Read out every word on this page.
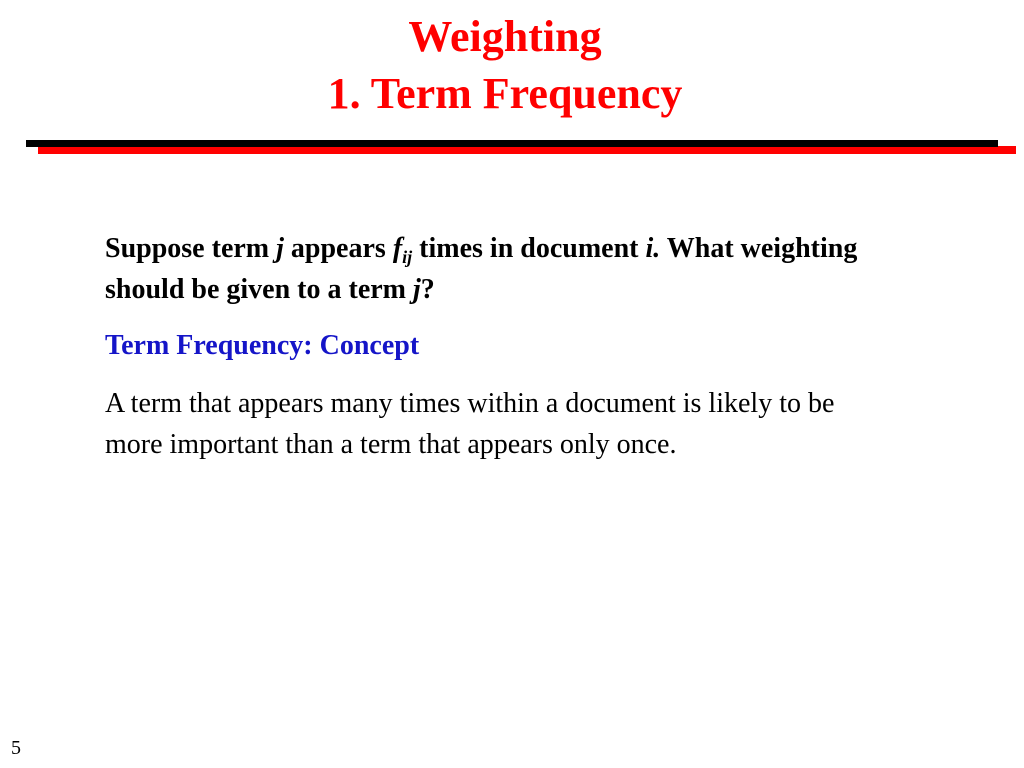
Weighting
1. Term Frequency

Suppose term j appears $f_{ij}$ times in document i. What weighting should be given to a term j?

Term Frequency: Concept

A term that appears many times within a document is likely to be more important than a term that appears only once.

5
